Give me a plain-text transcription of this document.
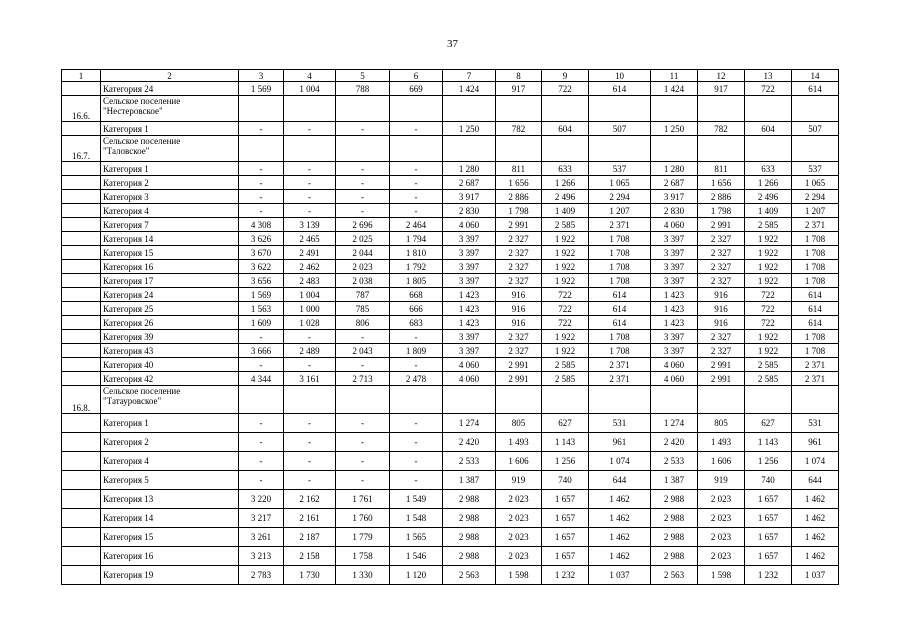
37
1	2	3	4	5	6	7	8	9	10	11	12	13	14
	Категория 24	1 569	1 004	788	669	1 424	917	722	614	1 424	917	722	614
16.6.	Сельское поселение
"Нестеровское"												

	Категория 1	-	-	-	-	1 250	782	604	507	1 250	782	604	507
16.7.	Сельское поселение
"Таловское"												

	Категория 1	-	-	-	-	1 280	811	633	537	1 280	811	633	537
	Категория 2	-	-	-	-	2 687	1 656	1 266	1 065	2 687	1 656	1 266	1 065
	Категория 3	-	-	-	-	3 917	2 886	2 496	2 294	3 917	2 886	2 496	2 294
	Категория 4	-	-	-	-	2 830	1 798	1 409	1 207	2 830	1 798	1 409	1 207
	Категория 7	4 308	3 139	2 696	2 464	4 060	2 991	2 585	2 371	4 060	2 991	2 585	2 371
	Категория 14	3 626	2 465	2 025	1 794	3 397	2 327	1 922	1 708	3 397	2 327	1 922	1 708
	Категория 15	3 670	2 491	2 044	1 810	3 397	2 327	1 922	1 708	3 397	2 327	1 922	1 708
	Категория 16	3 622	2 462	2 023	1 792	3 397	2 327	1 922	1 708	3 397	2 327	1 922	1 708
	Категория 17	3 656	2 483	2 038	1 805	3 397	2 327	1 922	1 708	3 397	2 327	1 922	1 708
	Категория 24	1 569	1 004	787	668	1 423	916	722	614	1 423	916	722	614
	Категория 25	1 563	1 000	785	666	1 423	916	722	614	1 423	916	722	614
	Категория 26	1 609	1 028	806	683	1 423	916	722	614	1 423	916	722	614
	Категория 39	-	-	-	-	3 397	2 327	1 922	1 708	3 397	2 327	1 922	1 708
	Категория 43	3 666	2 489	2 043	1 809	3 397	2 327	1 922	1 708	3 397	2 327	1 922	1 708
	Категория 40	-	-	-	-	4 060	2 991	2 585	2 371	4 060	2 991	2 585	2 371
	Категория 42	4 344	3 161	2 713	2 478	4 060	2 991	2 585	2 371	4 060	2 991	2 585	2 371
16.8.	Сельское поселение
"Татауровское"												

	Категория 1	-	-	-	-	1 274	805	627	531	1 274	805	627	531
	Категория 2	-	-	-	-	2 420	1 493	1 143	961	2 420	1 493	1 143	961
	Категория 4	-	-	-	-	2 533	1 606	1 256	1 074	2 533	1 606	1 256	1 074
	Категория 5	-	-	-	-	1 387	919	740	644	1 387	919	740	644
	Категория 13	3 220	2 162	1 761	1 549	2 988	2 023	1 657	1 462	2 988	2 023	1 657	1 462
	Категория 14	3 217	2 161	1 760	1 548	2 988	2 023	1 657	1 462	2 988	2 023	1 657	1 462
	Категория 15	3 261	2 187	1 779	1 565	2 988	2 023	1 657	1 462	2 988	2 023	1 657	1 462
	Категория 16	3 213	2 158	1 758	1 546	2 988	2 023	1 657	1 462	2 988	2 023	1 657	1 462
	Категория 19	2 783	1 730	1 330	1 120	2 563	1 598	1 232	1 037	2 563	1 598	1 232	1 037
